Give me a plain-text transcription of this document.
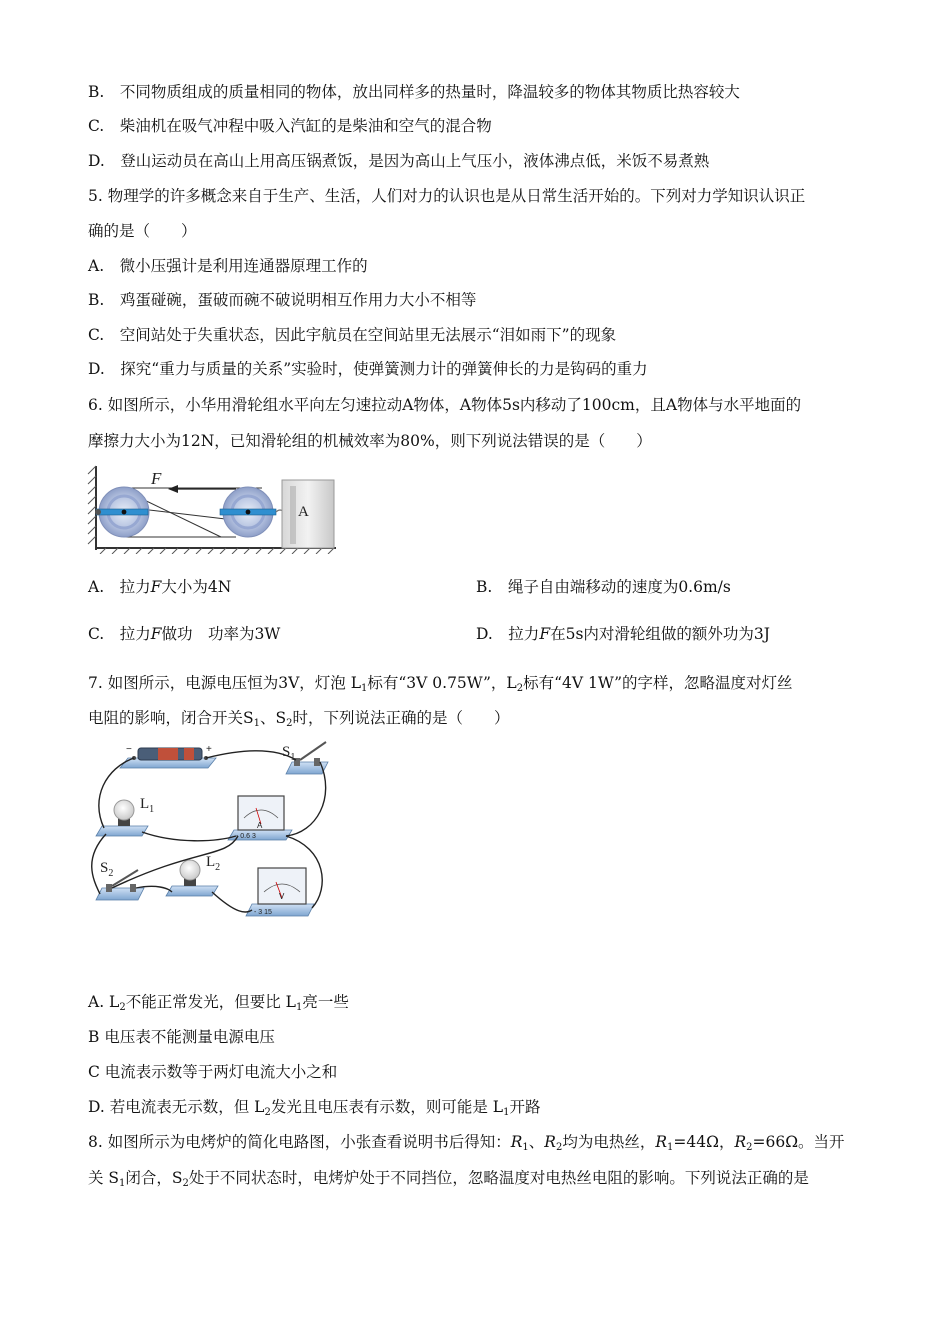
B.　不同物质组成的质量相同的物体，放出同样多的热量时，降温较多的物体其物质比热容较大
C.　柴油机在吸气冲程中吸入汽缸的是柴油和空气的混合物
D.　登山运动员在高山上用高压锅煮饭，是因为高山上气压小，液体沸点低，米饭不易煮熟
5. 物理学的许多概念来自于生产、生活，人们对力的认识也是从日常生活开始的。下列对力学知识认识正
确的是（　　）
A.　微小压强计是利用连通器原理工作的
B.　鸡蛋碰碗，蛋破而碗不破说明相互作用力大小不相等
C.　空间站处于失重状态，因此宇航员在空间站里无法展示“泪如雨下”的现象
D.　探究“重力与质量的关系”实验时，使弹簧测力计的弹簧伸长的力是钩码的重力
6. 如图所示，小华用滑轮组水平向左匀速拉动A物体，A物体5s内移动了100cm，且A物体与水平地面的
摩擦力大小为12N，已知滑轮组的机械效率为80%，则下列说法错误的是（　　）
A
F
A.　拉力F大小为4N	B.　绳子自由端移动的速度为0.6m/s
C.　拉力F做功　功率为3W	D.　拉力F在5s内对滑轮组做的额外功为3J
7. 如图所示，电源电压恒为3V，灯泡 $L_1$标有“3V 0.75W”，$L_2$标有“4V 1W”的字样，忽略温度对灯丝
电阻的影响，闭合开关$S_1$、$S_2$时，下列说法正确的是（　　）
−	+	$S_1$
$L_1$
A
- 0.6 3
$S_2$
$L_2$
V
- 3 15
A. $L_2$不能正常发光，但要比 $L_1$亮一些
B 电压表不能测量电源电压
C 电流表示数等于两灯电流大小之和
D. 若电流表无示数，但 $L_2$发光且电压表有示数，则可能是 $L_1$开路
8. 如图所示为电烤炉的简化电路图，小张查看说明书后得知：$R_1$、$R_2$均为电热丝，$R_1=44\Omega$，$R_2=66\Omega$。当开
关 $S_1$闭合，$S_2$处于不同状态时，电烤炉处于不同挡位，忽略温度对电热丝电阻的影响。下列说法正确的是
